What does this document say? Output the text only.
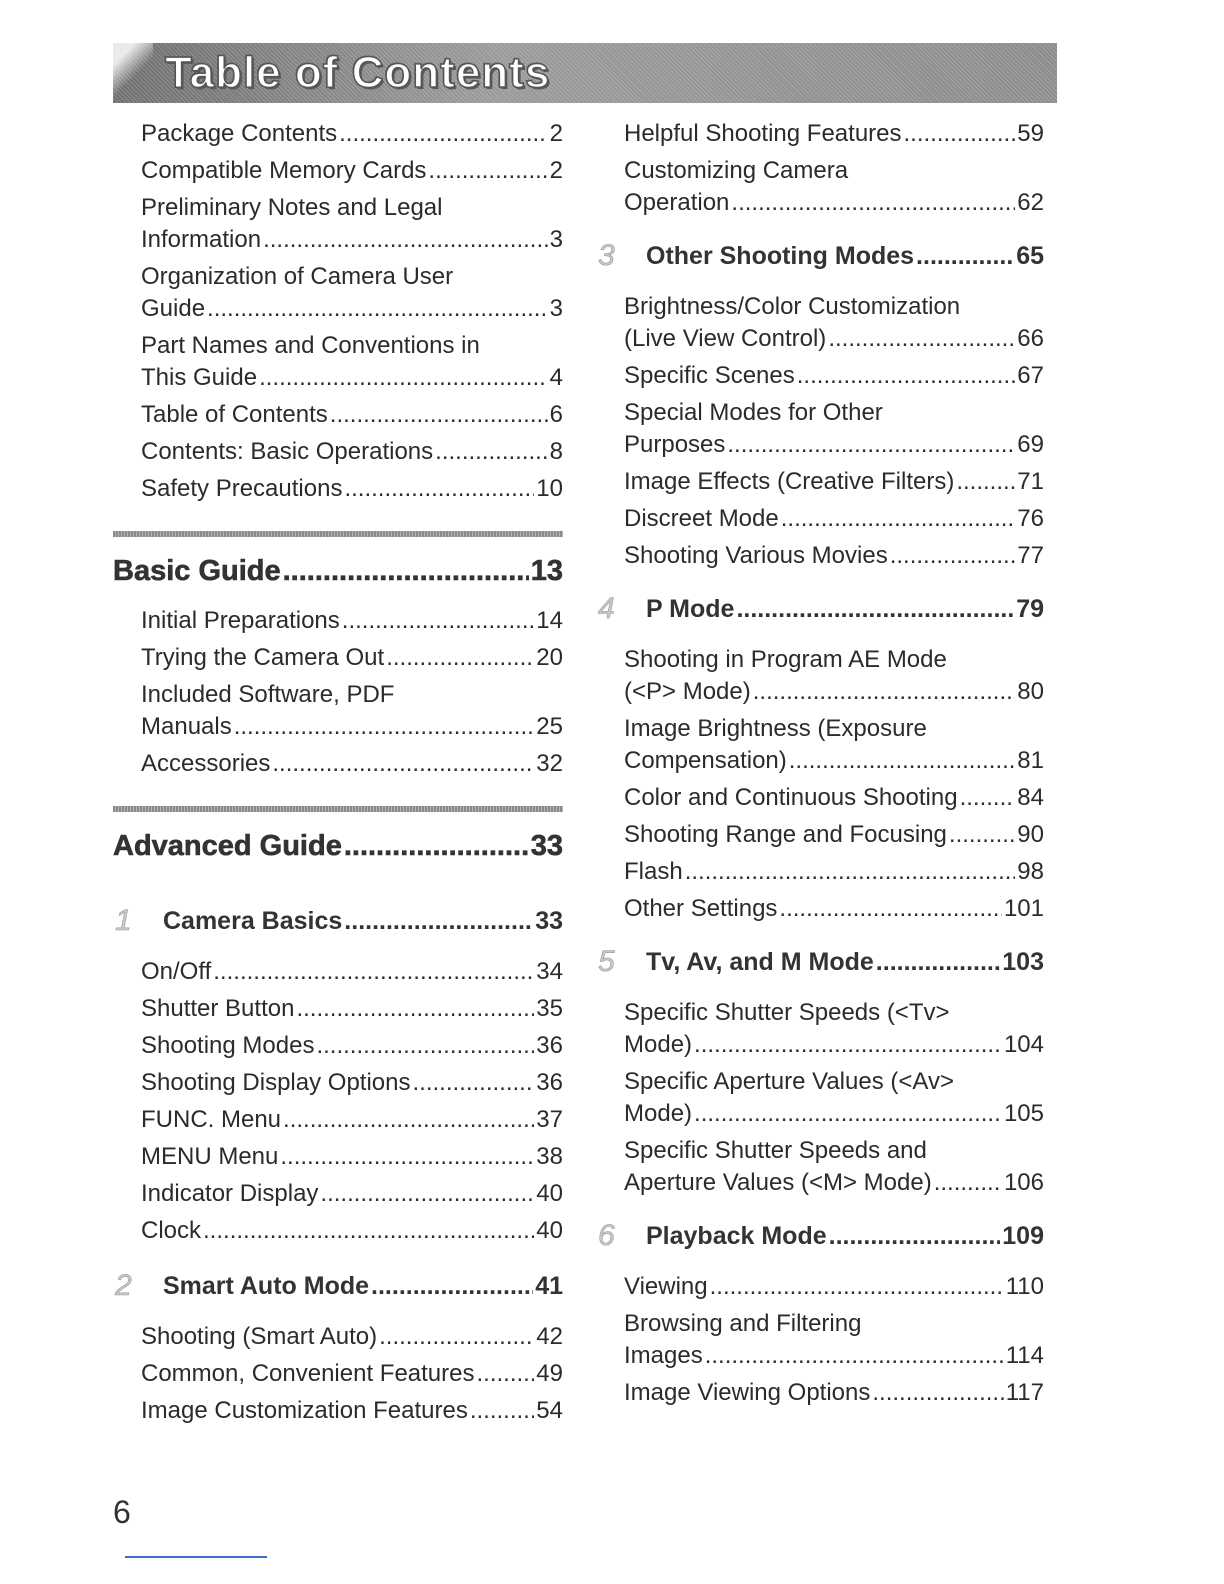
Table of Contents
Package Contents .....	2
Compatible Memory Cards .....	2
Preliminary Notes and Legal
Information .....	3
Organization of Camera User
Guide .....	3
Part Names and Conventions in
This Guide .....	4
Table of Contents .....	6
Contents: Basic Operations .....	8
Safety Precautions .....	10
Basic Guide .....	13
Initial Preparations .....	14
Trying the Camera Out .....	20
Included Software, PDF
Manuals .....	25
Accessories .....	32
Advanced Guide .....	33
1	Camera Basics .....	33
On/Off .....	34
Shutter Button .....	35
Shooting Modes .....	36
Shooting Display Options .....	36
FUNC. Menu .....	37
MENU Menu .....	38
Indicator Display .....	40
Clock .....	40
2	Smart Auto Mode .....	41
Shooting (Smart Auto) .....	42
Common, Convenient Features .....	49
Image Customization Features .....	54
Helpful Shooting Features .....	59
Customizing Camera
Operation .....	62
3	Other Shooting Modes .....	65
Brightness/Color Customization
(Live View Control) .....	66
Specific Scenes .....	67
Special Modes for Other
Purposes .....	69
Image Effects (Creative Filters) .....	71
Discreet Mode .....	76
Shooting Various Movies .....	77
4	P Mode .....	79
Shooting in Program AE Mode
(<P> Mode) .....	80
Image Brightness (Exposure
Compensation) .....	81
Color and Continuous Shooting ..... 84
Shooting Range and Focusing .....	90
Flash .....	98
Other Settings .....	101
5	Tv, Av, and M Mode .....	103
Specific Shutter Speeds (<Tv>
Mode) .....	104
Specific Aperture Values (<Av>
Mode) .....	105
Specific Shutter Speeds and
Aperture Values (<M> Mode) .....	106
6	Playback Mode .....	109
Viewing .....	110
Browsing and Filtering
Images .....	114
Image Viewing Options .....	117
6
